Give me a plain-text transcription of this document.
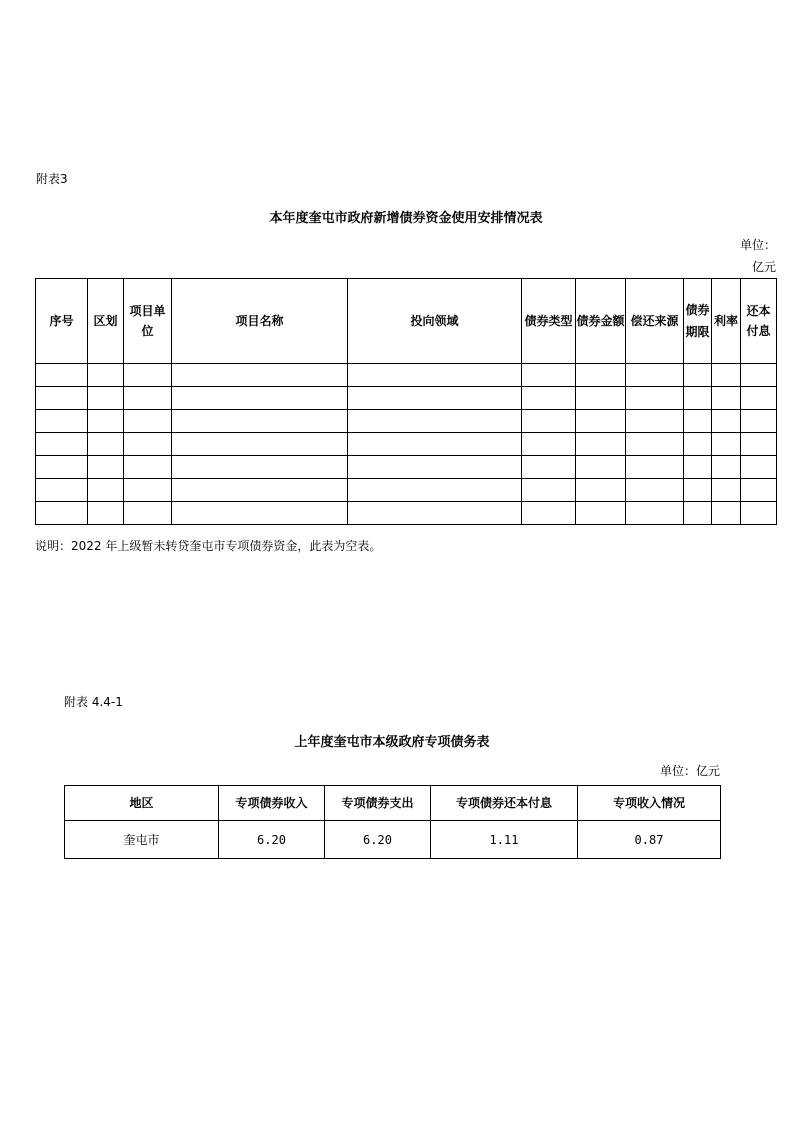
附表3
本年度奎屯市政府新增债券资金使用安排情况表
单位：
亿元
序号	区划	项目单位	项目名称	投向领域	债券类型	债券金额	偿还来源	债券期限	利率	还本付息

说明：2022 年上级暂未转贷奎屯市专项债券资金，此表为空表。
附表 4.4-1
上年度奎屯市本级政府专项债务表
单位：亿元
地区	专项债券收入	专项债券支出	专项债券还本付息	专项收入情况
奎屯市	6.20	6.20	1.11	0.87
